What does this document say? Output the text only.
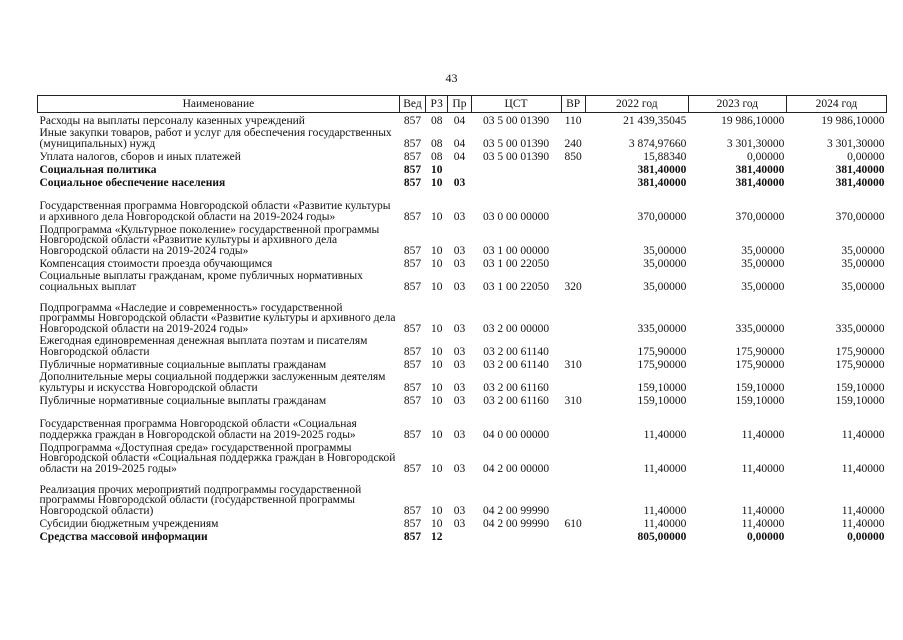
43
Наименование	Вед	РЗ	Пр	ЦСТ	ВР	2022 год	2023 год	2024 год
Расходы на выплаты персоналу казенных учреждений	857	08	04	03 5 00 01390	110	21 439,35045	19 986,10000	19 986,10000
Иные закупки товаров, работ и услуг для обеспечения государственных (муниципальных) нужд	857	08	04	03 5 00 01390	240	3 874,97660	3 301,30000	3 301,30000
Уплата налогов, сборов и иных платежей	857	08	04	03 5 00 01390	850	15,88340	0,00000	0,00000
Социальная политика	857	10				381,40000	381,40000	381,40000
Социальное обеспечение населения	857	10	03			381,40000	381,40000	381,40000
Государственная программа Новгородской области «Развитие культуры и архивного дела Новгородской области на 2019-2024 годы»	857	10	03	03 0 00 00000		370,00000	370,00000	370,00000
Подпрограмма «Культурное поколение» государственной программы Новгородской области «Развитие культуры и архивного дела Новгородской области на 2019-2024 годы»	857	10	03	03 1 00 00000		35,00000	35,00000	35,00000
Компенсация стоимости проезда обучающимся	857	10	03	03 1 00 22050		35,00000	35,00000	35,00000
Социальные выплаты гражданам, кроме публичных нормативных социальных выплат	857	10	03	03 1 00 22050	320	35,00000	35,00000	35,00000
Подпрограмма «Наследие и современность» государственной программы Новгородской области «Развитие культуры и архивного дела Новгородской области на 2019-2024 годы»	857	10	03	03 2 00 00000		335,00000	335,00000	335,00000
Ежегодная единовременная денежная выплата поэтам и писателям Новгородской области	857	10	03	03 2 00 61140		175,90000	175,90000	175,90000
Публичные нормативные социальные выплаты гражданам	857	10	03	03 2 00 61140	310	175,90000	175,90000	175,90000
Дополнительные меры социальной поддержки заслуженным деятелям культуры и искусства Новгородской области	857	10	03	03 2 00 61160		159,10000	159,10000	159,10000
Публичные нормативные социальные выплаты гражданам	857	10	03	03 2 00 61160	310	159,10000	159,10000	159,10000
Государственная программа Новгородской области «Социальная поддержка граждан в Новгородской области на 2019-2025 годы»	857	10	03	04 0 00 00000		11,40000	11,40000	11,40000
Подпрограмма «Доступная среда» государственной программы Новгородской области «Социальная поддержка граждан в Новгородской области на 2019-2025 годы»	857	10	03	04 2 00 00000		11,40000	11,40000	11,40000
Реализация прочих мероприятий подпрограммы государственной программы Новгородской области (государственной программы Новгородской области)	857	10	03	04 2 00 99990		11,40000	11,40000	11,40000
Субсидии бюджетным учреждениям	857	10	03	04 2 00 99990	610	11,40000	11,40000	11,40000
Средства массовой информации	857	12				805,00000	0,00000	0,00000
